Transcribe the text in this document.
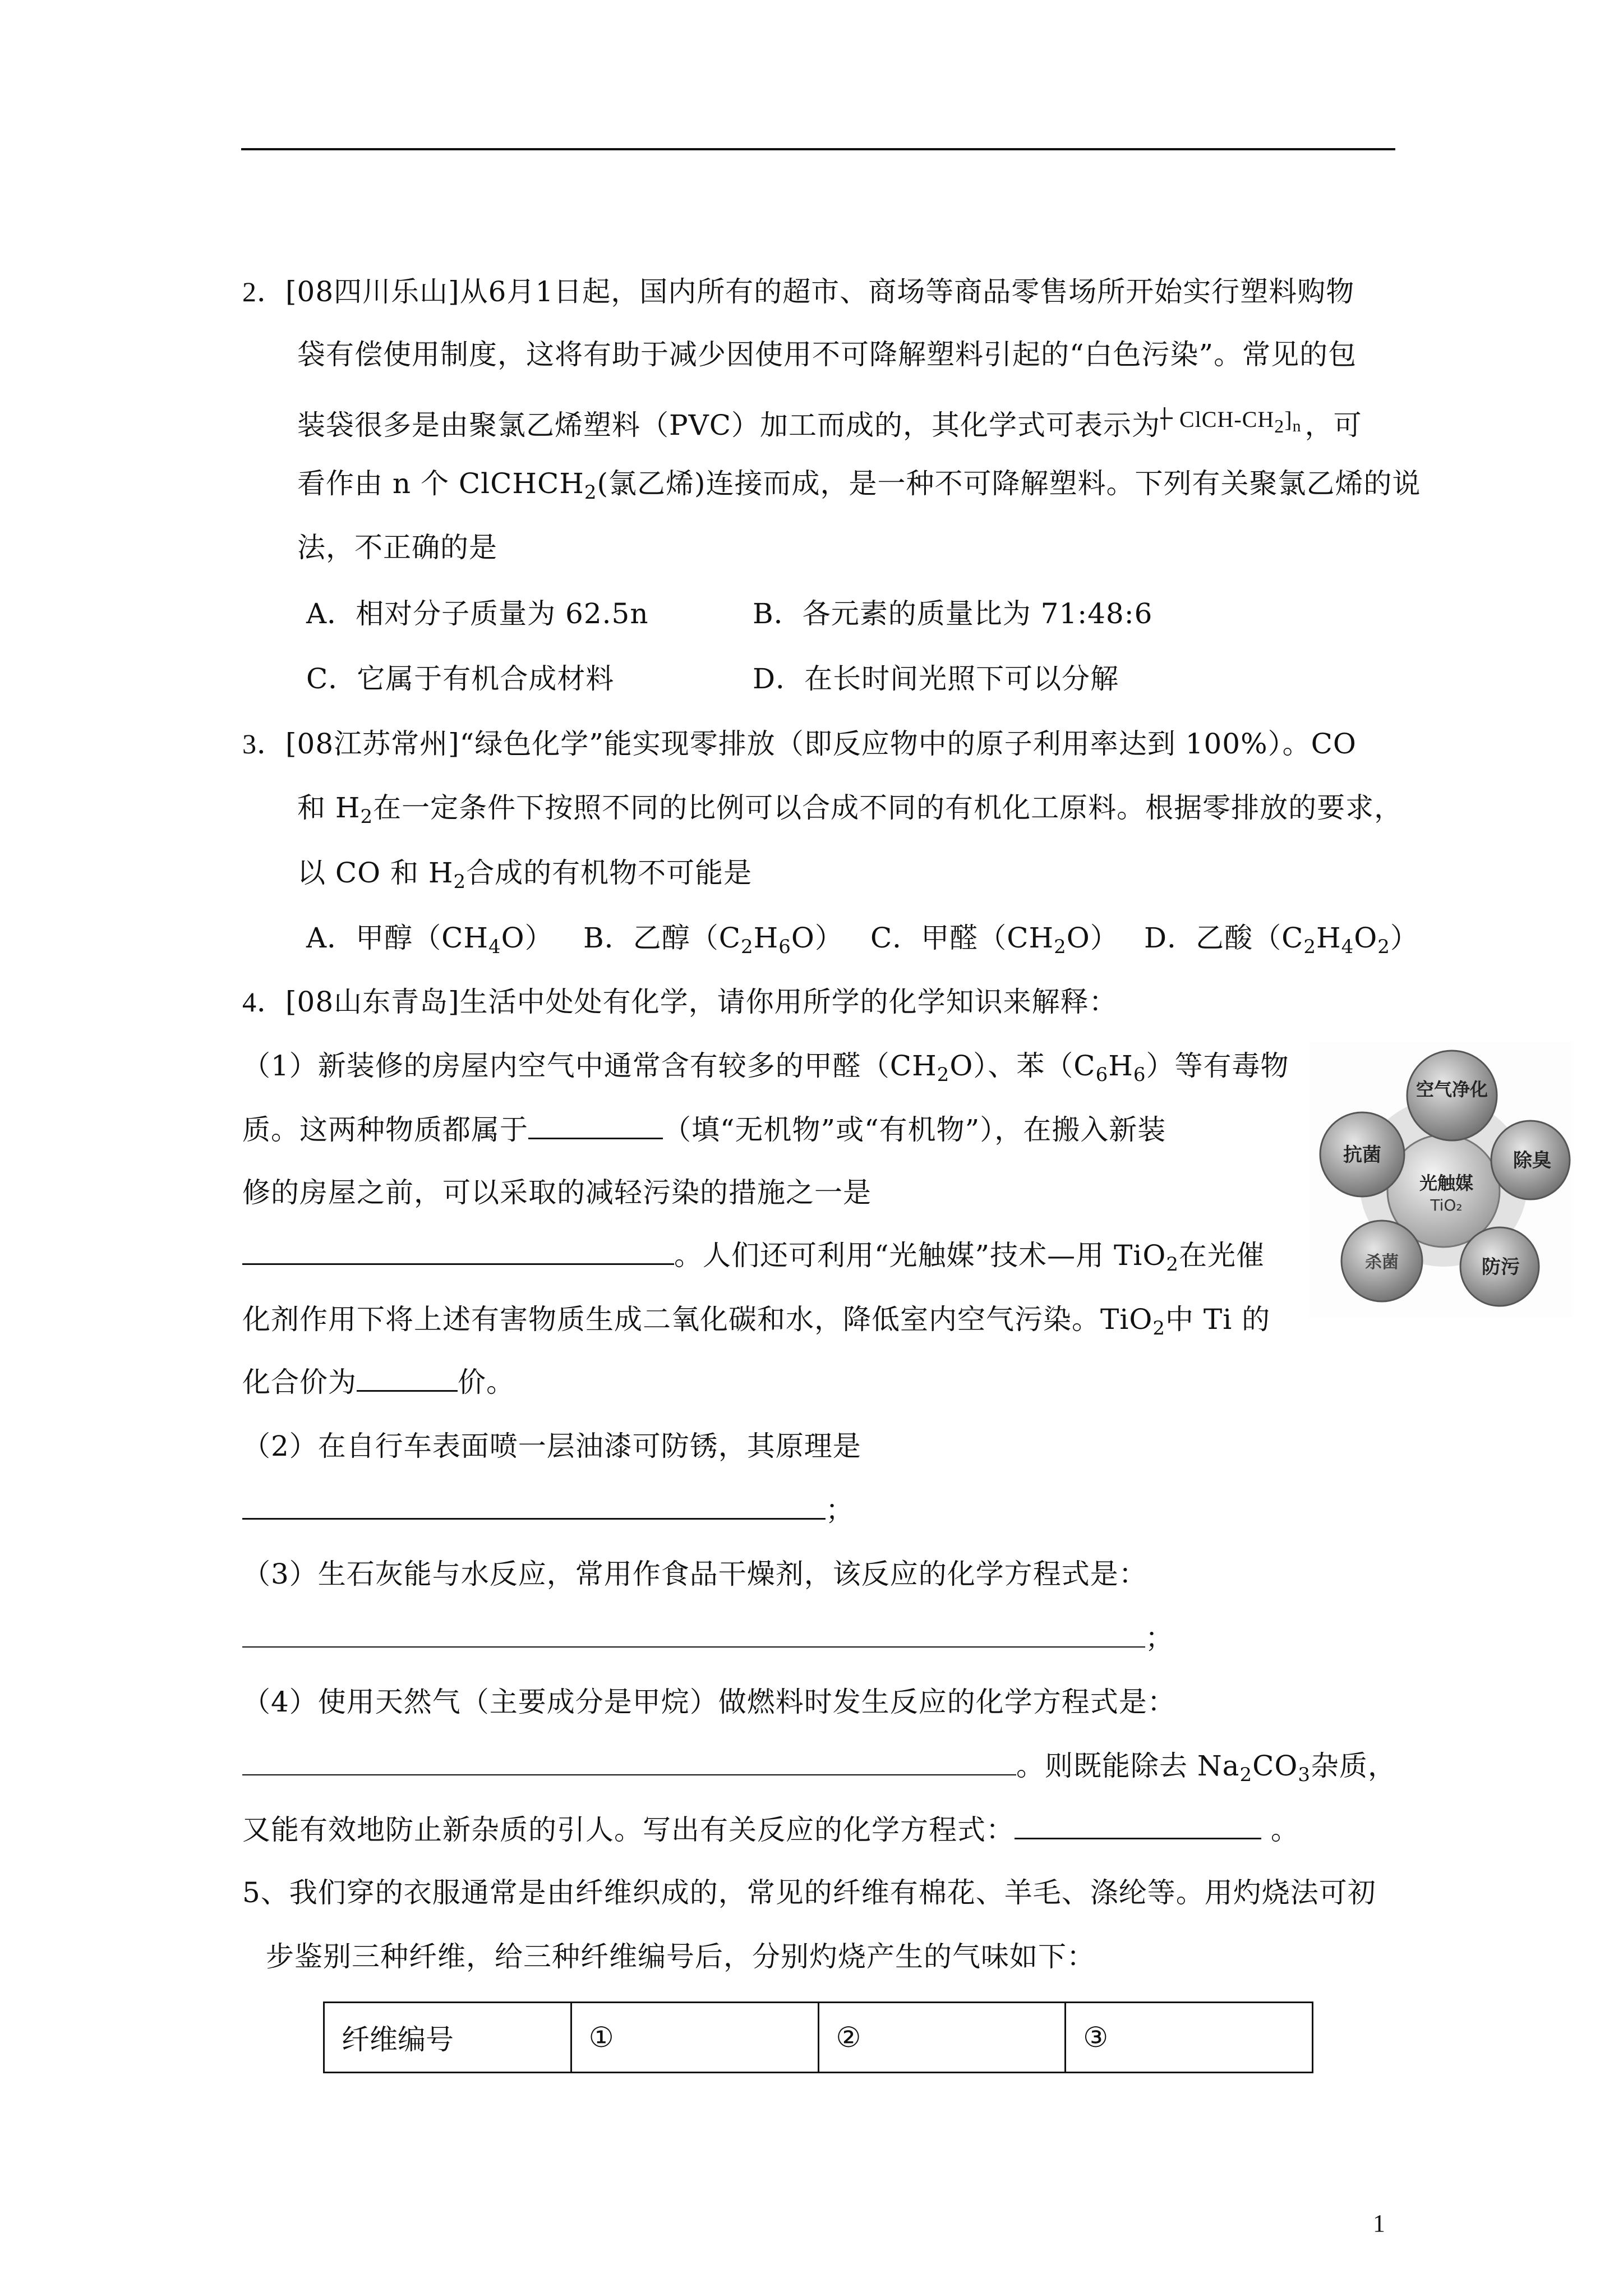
2．[08四川乐山]从6月1日起，国内所有的超市、商场等商品零售场所开始实行塑料购物
袋有偿使用制度，这将有助于减少因使用不可降解塑料引起的“白色污染”。常见的包
装袋很多是由聚氯乙烯塑料（PVC）加工而成的，其化学式可表示为 ClCH-$CH_2]_n$ ，可
看作由 n 个 ClCHCH$_2$(氯乙烯)连接而成，是一种不可降解塑料。下列有关聚氯乙烯的说
法，不正确的是
A．相对分子质量为 62.5n	B．各元素的质量比为 71:48:6
C．它属于有机合成材料	D．在长时间光照下可以分解
3．[08江苏常州]“绿色化学”能实现零排放（即反应物中的原子利用率达到 100%）。CO
和 $H_2$在一定条件下按照不同的比例可以合成不同的有机化工原料。根据零排放的要求，
以 CO 和 $H_2$合成的有机物不可能是
A．甲醇$(CH_4O)$ B．乙醇$(C_2H_6O)$ C．甲醛$(CH_2O)$ D．乙酸$(C_2H_4O_2)$
4．[08山东青岛]生活中处处有化学，请你用所学的化学知识来解释：
（1）新装修的房屋内空气中通常含有较多的甲醛$(CH_2O)$、苯$(C_6H_6)$等有毒物
质。这两种物质都属于	（填“无机物”或“有机物”），在搬入新装
修的房屋之前，可以采取的减轻污染的措施之一是
。人们还可利用“光触媒”技术—用 TiO$_2$在光催
化剂作用下将上述有害物质生成二氧化碳和水，降低室内空气污染。TiO$_2$中 Ti 的
化合价为	价。
空气净化
抗菌
光触媒
TiO₂
除臭
杀菌	防污
（2）在自行车表面喷一层油漆可防锈，其原理是
；
（3）生石灰能与水反应，常用作食品干燥剂，该反应的化学方程式是：
；
（4）使用天然气（主要成分是甲烷）做燃料时发生反应的化学方程式是：
。则既能除去 $Na_2CO_3$杂质，
又能有效地防止新杂质的引人。写出有关反应的化学方程式：	。
5、我们穿的衣服通常是由纤维织成的，常见的纤维有棉花、羊毛、涤纶等。用灼烧法可初
步鉴别三种纤维，给三种纤维编号后，分别灼烧产生的气味如下：
纤维编号	①	②	③
1
